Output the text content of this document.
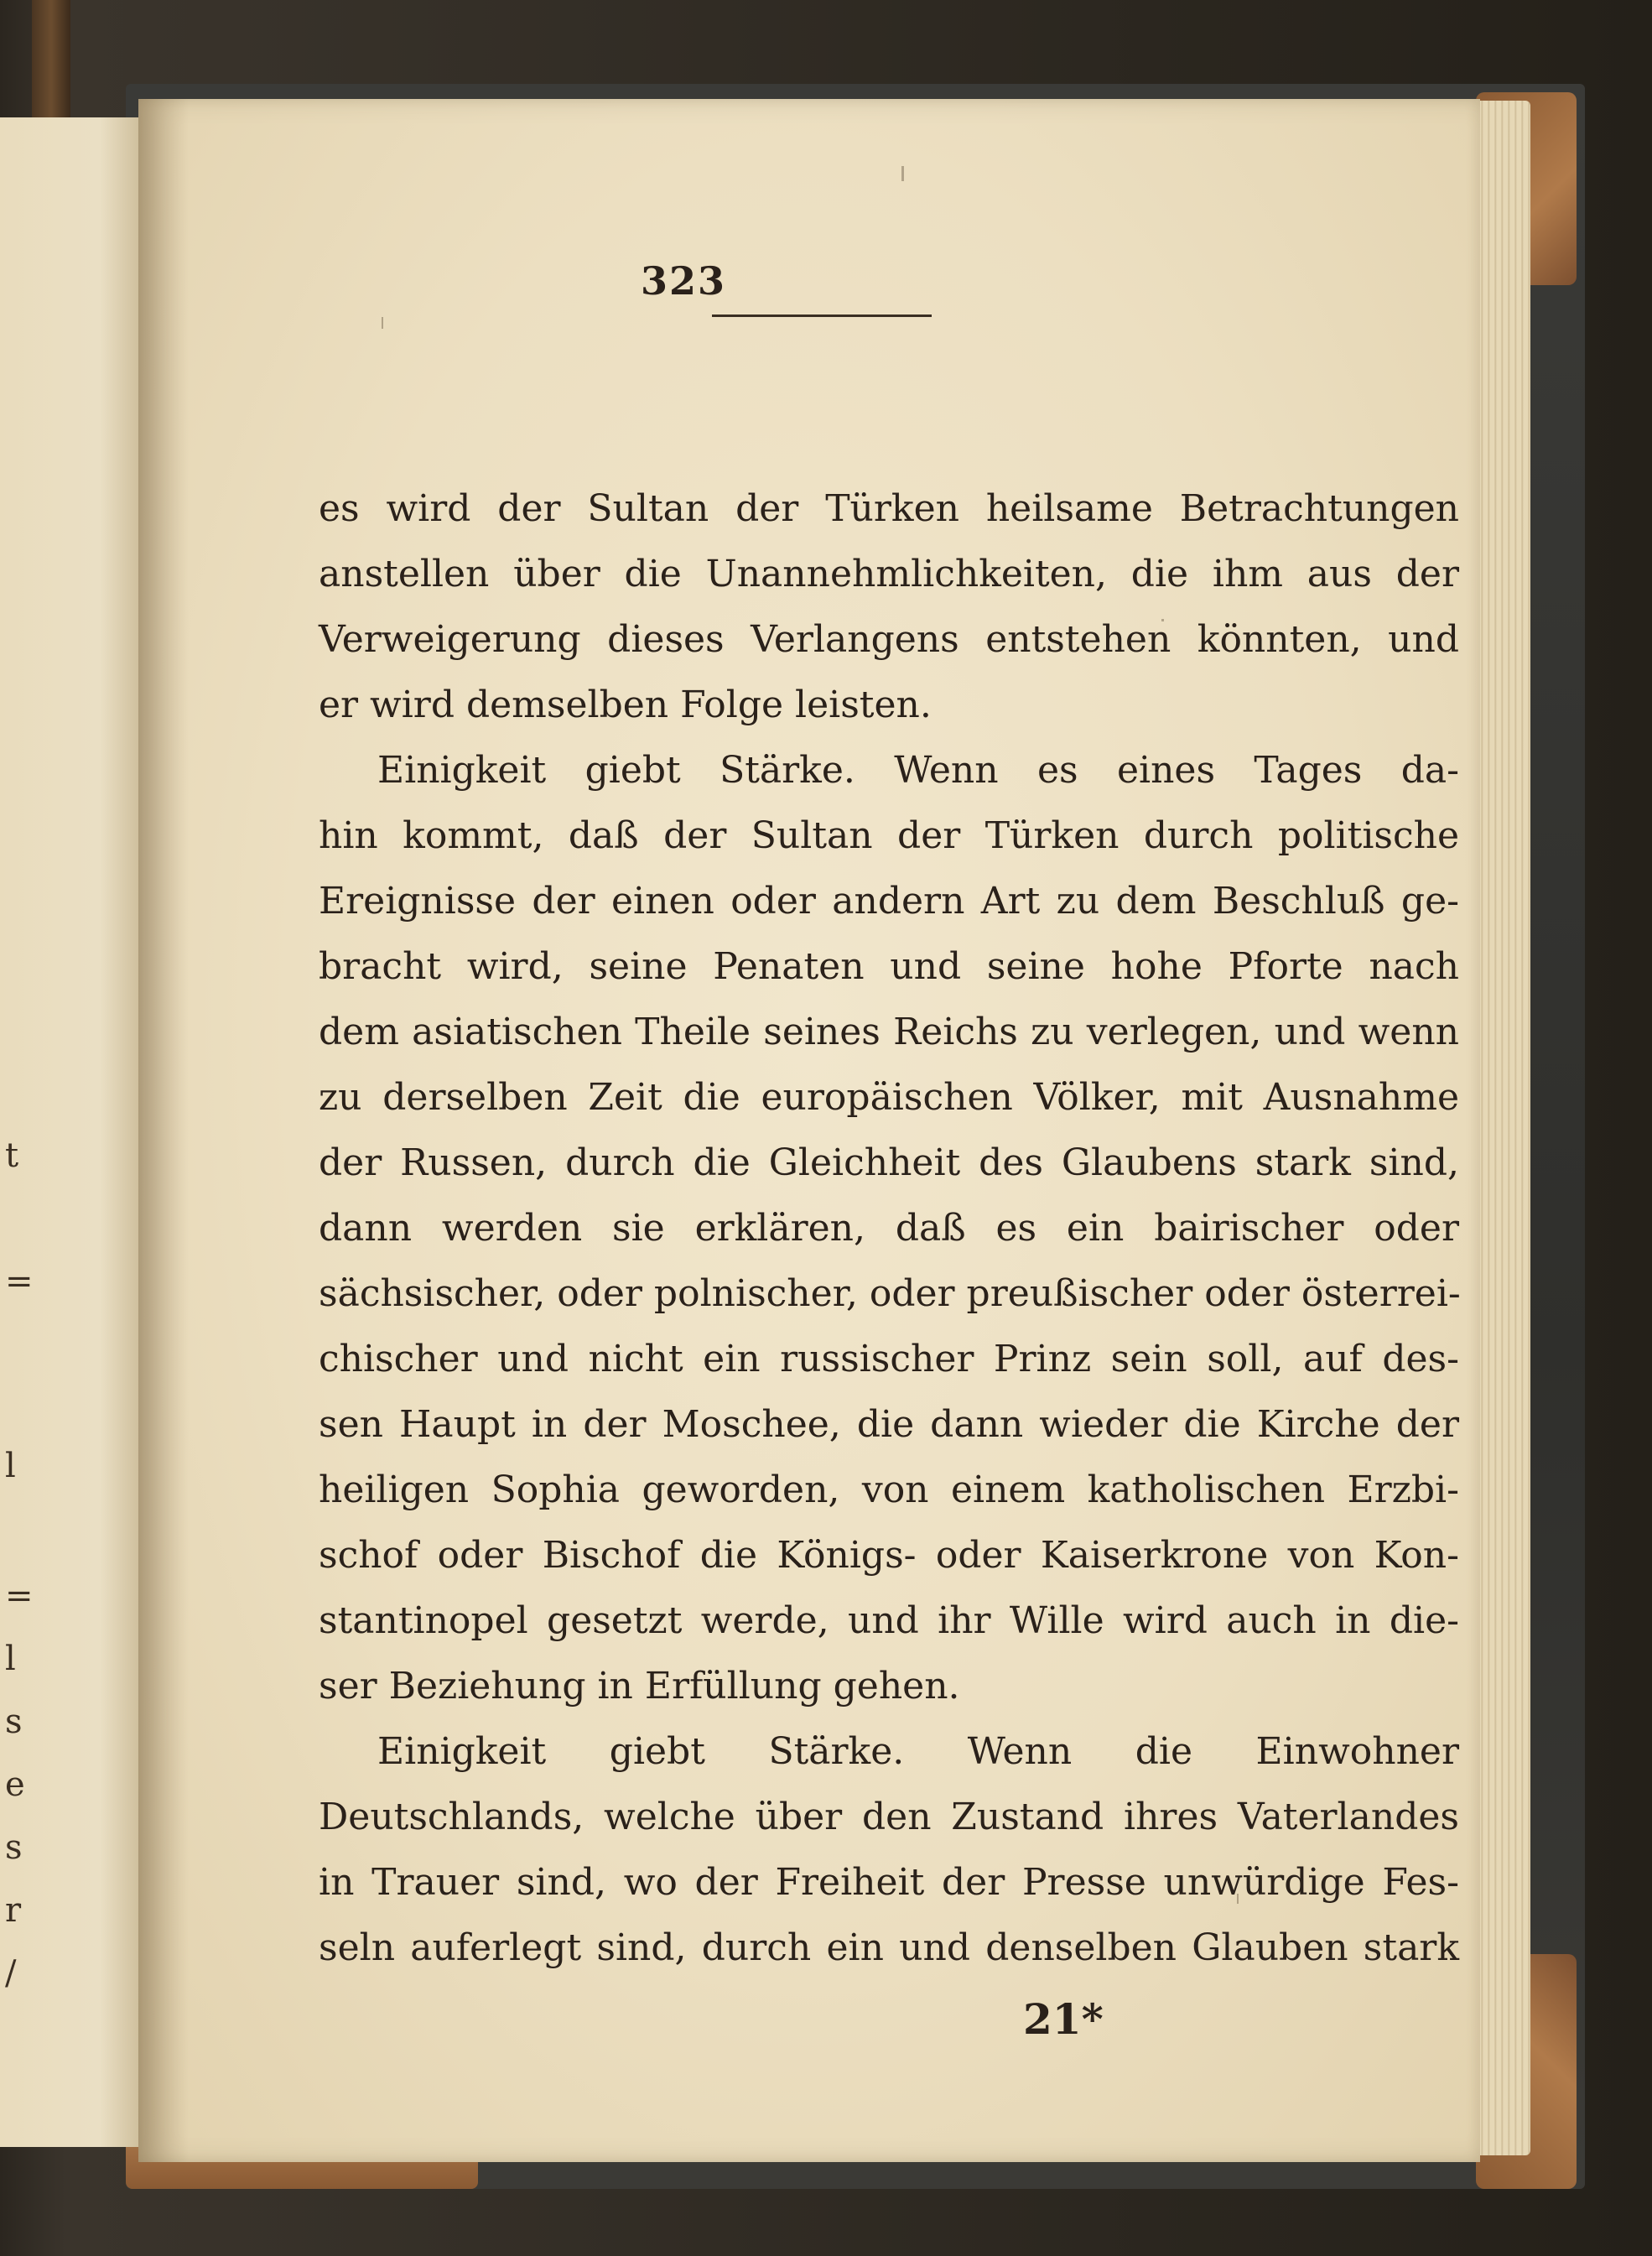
t
=
l
=
l
s
e
s
r
/
323
es wird der Sultan der Türken heilsame Betrachtungen
anstellen über die Unannehmlichkeiten, die ihm aus der
Verweigerung dieses Verlangens entstehen könnten, und
er wird demselben Folge leisten.
Einigkeit giebt Stärke. Wenn es eines Tages da-
hin kommt, daß der Sultan der Türken durch politische
Ereignisse der einen oder andern Art zu dem Beschluß ge-
bracht wird, seine Penaten und seine hohe Pforte nach
dem asiatischen Theile seines Reichs zu verlegen, und wenn
zu derselben Zeit die europäischen Völker, mit Ausnahme
der Russen, durch die Gleichheit des Glaubens stark sind,
dann werden sie erklären, daß es ein bairischer oder
sächsischer, oder polnischer, oder preußischer oder österrei-
chischer und nicht ein russischer Prinz sein soll, auf des-
sen Haupt in der Moschee, die dann wieder die Kirche der
heiligen Sophia geworden, von einem katholischen Erzbi-
schof oder Bischof die Königs- oder Kaiserkrone von Kon-
stantinopel gesetzt werde, und ihr Wille wird auch in die-
ser Beziehung in Erfüllung gehen.
Einigkeit giebt Stärke. Wenn die Einwohner
Deutschlands, welche über den Zustand ihres Vaterlandes
in Trauer sind, wo der Freiheit der Presse unwürdige Fes-
seln auferlegt sind, durch ein und denselben Glauben stark
21*
